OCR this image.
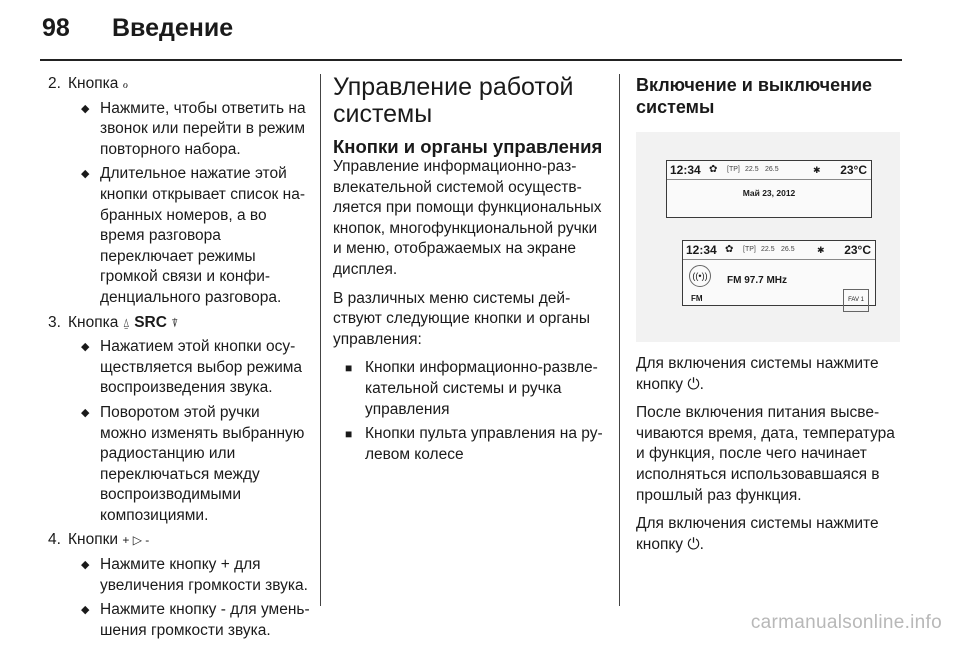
98 Введение
2. Кнопка ℴ
◆ Нажмите, чтобы ответить на звонок или перейти в режим повторного набора.
◆ Длительное нажатие этой кнопки открывает список набранных номеров, а во время разговора переключает режимы громкой связи и конфиденциального разговора.
3. Кнопка ⍙ SRC ⍒
◆ Нажатием этой кнопки осуществляется выбор режима воспроизведения звука.
◆ Поворотом этой ручки можно изменять выбранную радиостанцию или переключаться между воспроизводимыми композициями.
4. Кнопки + ▷ -
◆ Нажмите кнопку + для увеличения громкости звука.
◆ Нажмите кнопку - для уменьшения громкости звука.
Управление работой системы
Кнопки и органы управления

Управление информационно-развлекательной системой осуществляется при помощи функциональных кнопок, многофункциональной ручки и меню, отображаемых на экране дисплея.

В различных меню системы действуют следующие кнопки и органы управления:

■ Кнопки информационно-развлекательной системы и ручка управления
■ Кнопки пульта управления на рулевом колесе
Включение и выключение системы
12:34 ✿ [TP] 22.5 26.5	✱ 23°C
Май 23, 2012
12:34 ✿ [TP] 22.5 26.5 ✱ 23°C
((•))
FM
FM 97.7 MHz
FAV 1

Для включения системы нажмите кнопку ⏻.

После включения питания высвечиваются время, дата, температура и функция, после чего начинает исполняться использовавшаяся в прошлый раз функция.

Для включения системы нажмите кнопку ⏻.

carmanualsonline.info
